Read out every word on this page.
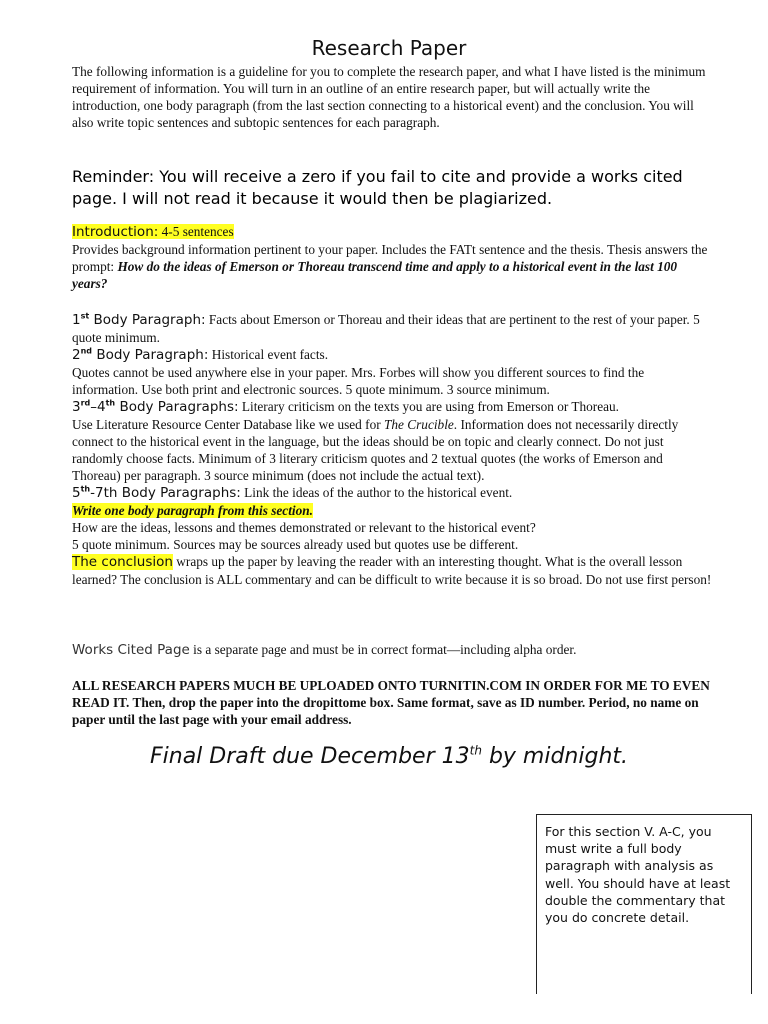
Research Paper

The following information is a guideline for you to complete the research paper, and what I have listed is the minimum requirement of information. You will turn in an outline of an entire research paper, but will actually write the introduction, one body paragraph (from the last section connecting to a historical event) and the conclusion. You will also write topic sentences and subtopic sentences for each paragraph.

Reminder: You will receive a zero if you fail to cite and provide a works cited page. I will not read it because it would then be plagiarized.

Introduction: 4-5 sentences
Provides background information pertinent to your paper. Includes the FATt sentence and the thesis. Thesis answers the prompt: How do the ideas of Emerson or Thoreau transcend time and apply to a historical event in the last 100 years?
1st Body Paragraph: Facts about Emerson or Thoreau and their ideas that are pertinent to the rest of your paper. 5 quote minimum.
2nd Body Paragraph: Historical event facts.
Quotes cannot be used anywhere else in your paper. Mrs. Forbes will show you different sources to find the information. Use both print and electronic sources. 5 quote minimum. 3 source minimum.
3rd–4th Body Paragraphs: Literary criticism on the texts you are using from Emerson or Thoreau.
Use Literature Resource Center Database like we used for The Crucible. Information does not necessarily directly connect to the historical event in the language, but the ideas should be on topic and clearly connect. Do not just randomly choose facts. Minimum of 3 literary criticism quotes and 2 textual quotes (the works of Emerson and Thoreau) per paragraph. 3 source minimum (does not include the actual text).
5th-7th Body Paragraphs: Link the ideas of the author to the historical event.
Write one body paragraph from this section.
How are the ideas, lessons and themes demonstrated or relevant to the historical event?
5 quote minimum. Sources may be sources already used but quotes use be different.
The conclusion wraps up the paper by leaving the reader with an interesting thought. What is the overall lesson learned? The conclusion is ALL commentary and can be difficult to write because it is so broad. Do not use first person!
Works Cited Page is a separate page and must be in correct format—including alpha order.
ALL RESEARCH PAPERS MUCH BE UPLOADED ONTO TURNITIN.COM IN ORDER FOR ME TO EVEN READ IT. Then, drop the paper into the dropittome box. Same format, save as ID number. Period, no name on paper until the last page with your email address.
Final Draft due December 13th by midnight.
For this section V. A-C, you must write a full body paragraph with analysis as well. You should have at least double the commentary that you do concrete detail.
